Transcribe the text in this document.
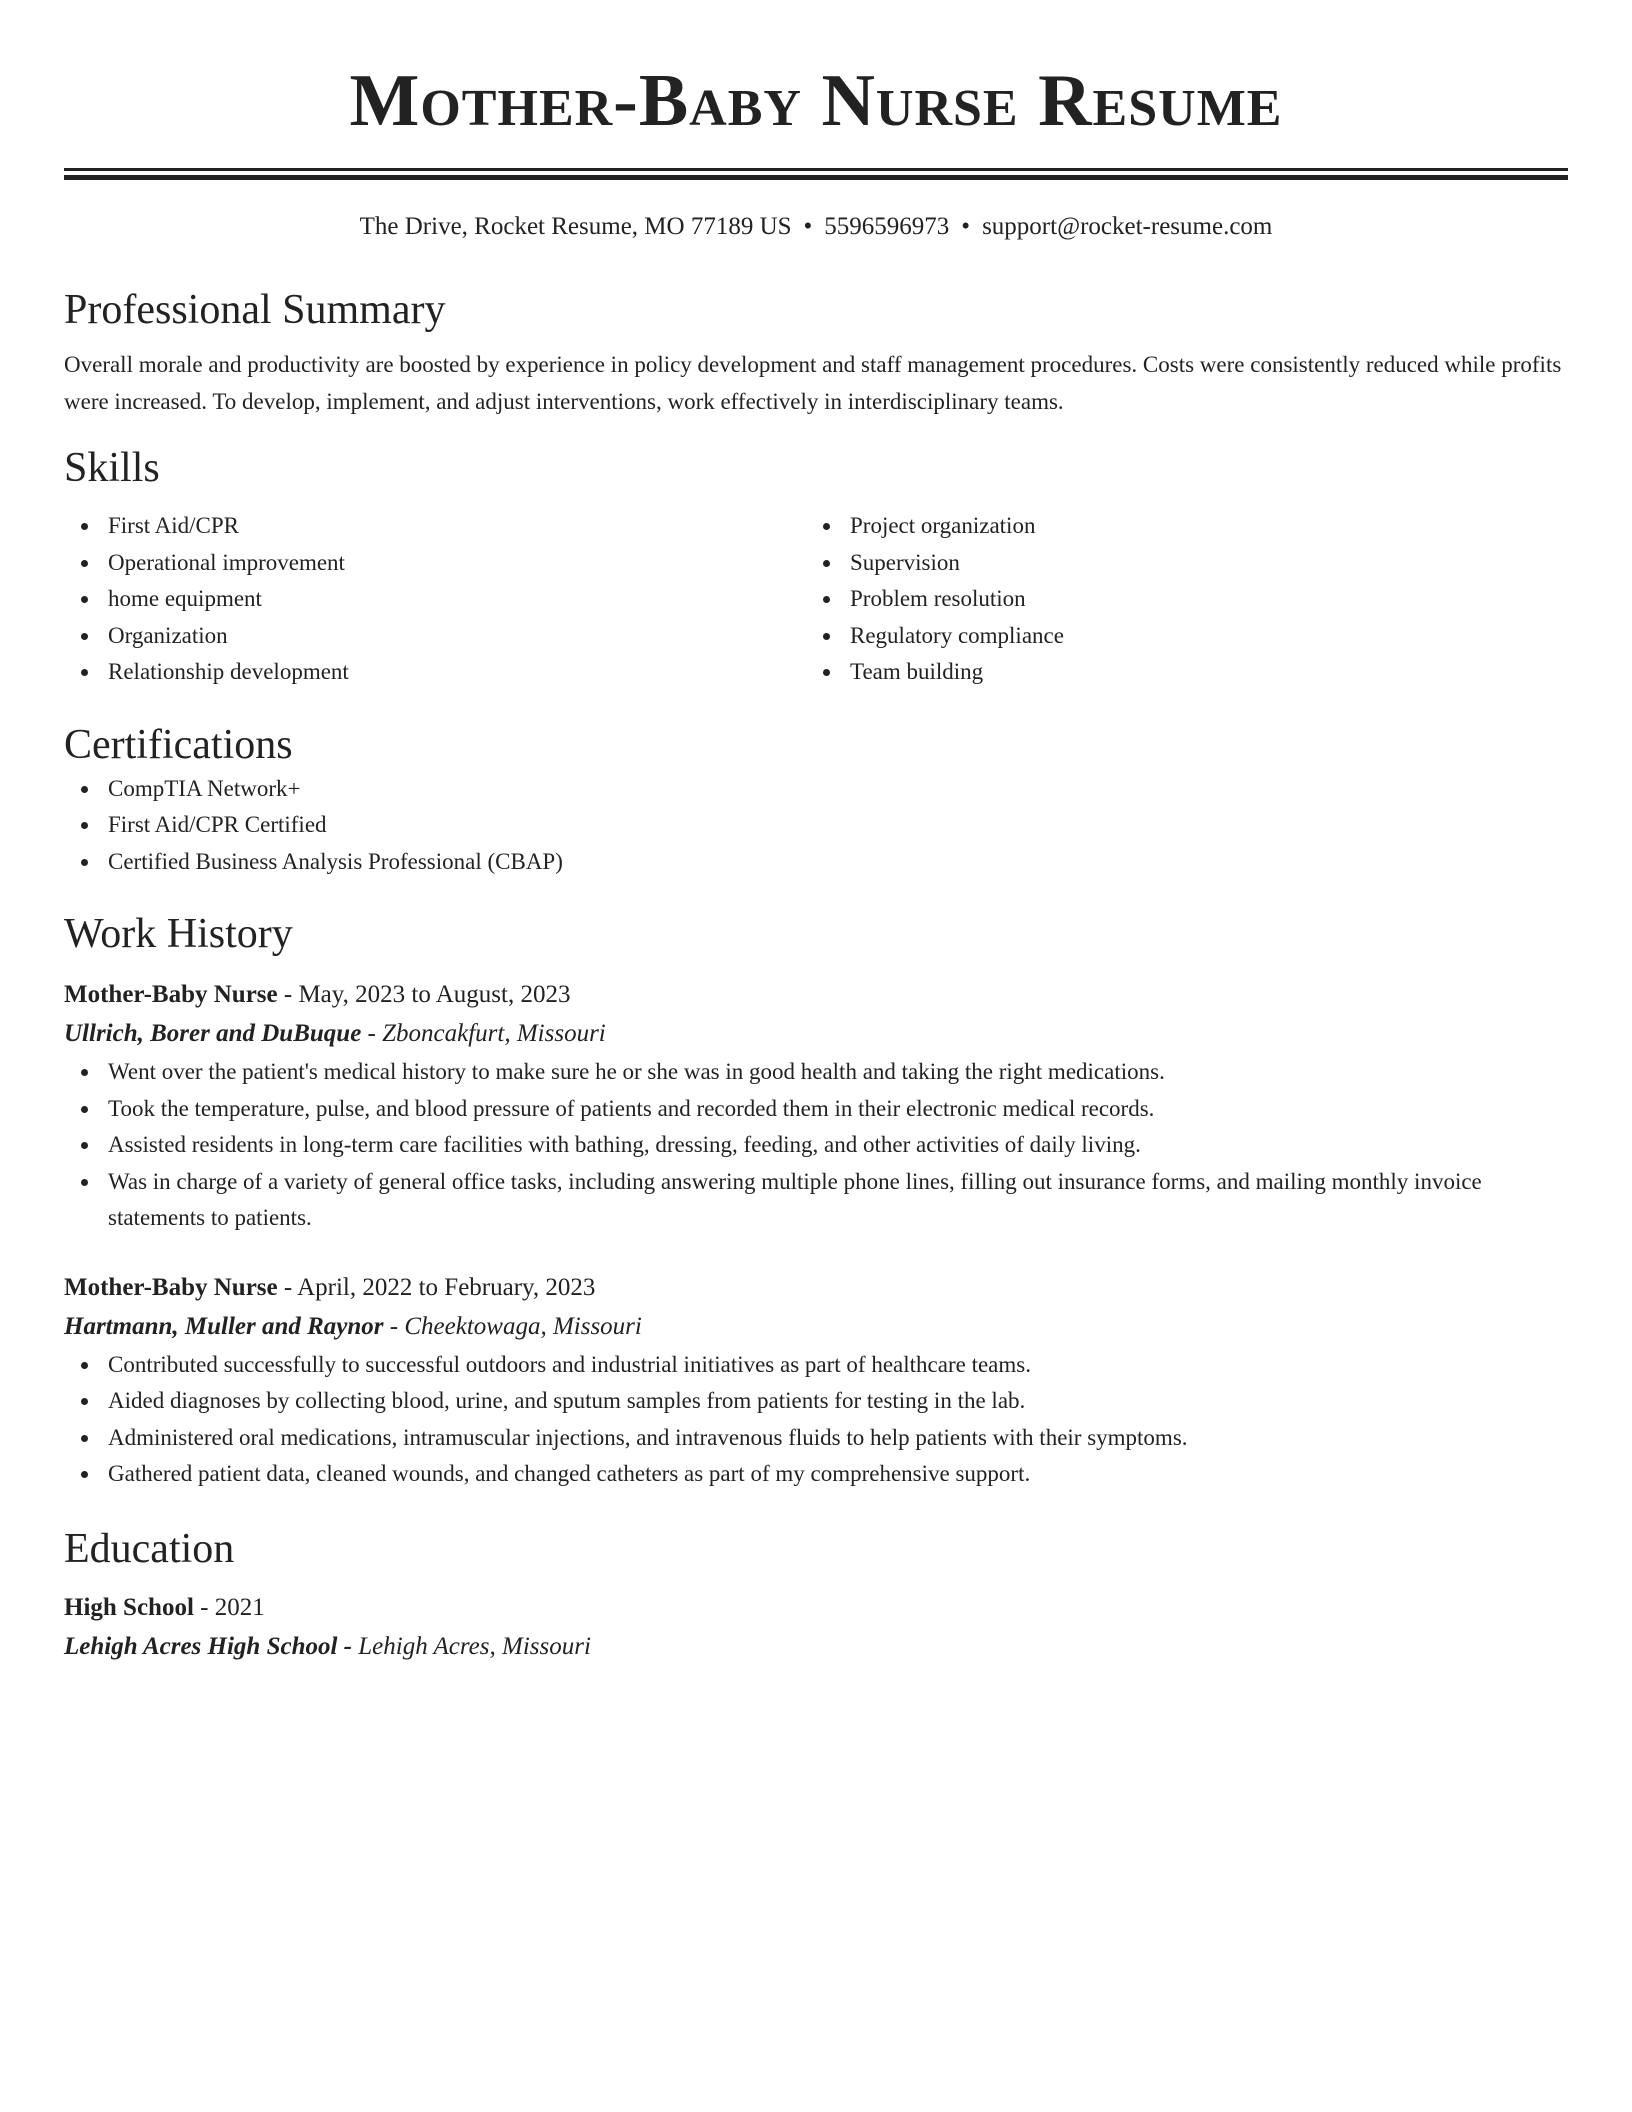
Mother-Baby Nurse Resume
The Drive, Rocket Resume, MO 77189 US • 5596596973 • support@rocket-resume.com
Professional Summary
Overall morale and productivity are boosted by experience in policy development and staff management procedures. Costs were consistently reduced while profits were increased. To develop, implement, and adjust interventions, work effectively in interdisciplinary teams.
Skills
First Aid/CPR
Operational improvement
home equipment
Organization
Relationship development
Project organization
Supervision
Problem resolution
Regulatory compliance
Team building
Certifications
CompTIA Network+
First Aid/CPR Certified
Certified Business Analysis Professional (CBAP)
Work History
Mother-Baby Nurse - May, 2023 to August, 2023
Ullrich, Borer and DuBuque - Zboncakfurt, Missouri
Went over the patient's medical history to make sure he or she was in good health and taking the right medications.
Took the temperature, pulse, and blood pressure of patients and recorded them in their electronic medical records.
Assisted residents in long-term care facilities with bathing, dressing, feeding, and other activities of daily living.
Was in charge of a variety of general office tasks, including answering multiple phone lines, filling out insurance forms, and mailing monthly invoice statements to patients.
Mother-Baby Nurse - April, 2022 to February, 2023
Hartmann, Muller and Raynor - Cheektowaga, Missouri
Contributed successfully to successful outdoors and industrial initiatives as part of healthcare teams.
Aided diagnoses by collecting blood, urine, and sputum samples from patients for testing in the lab.
Administered oral medications, intramuscular injections, and intravenous fluids to help patients with their symptoms.
Gathered patient data, cleaned wounds, and changed catheters as part of my comprehensive support.
Education
High School - 2021
Lehigh Acres High School - Lehigh Acres, Missouri
